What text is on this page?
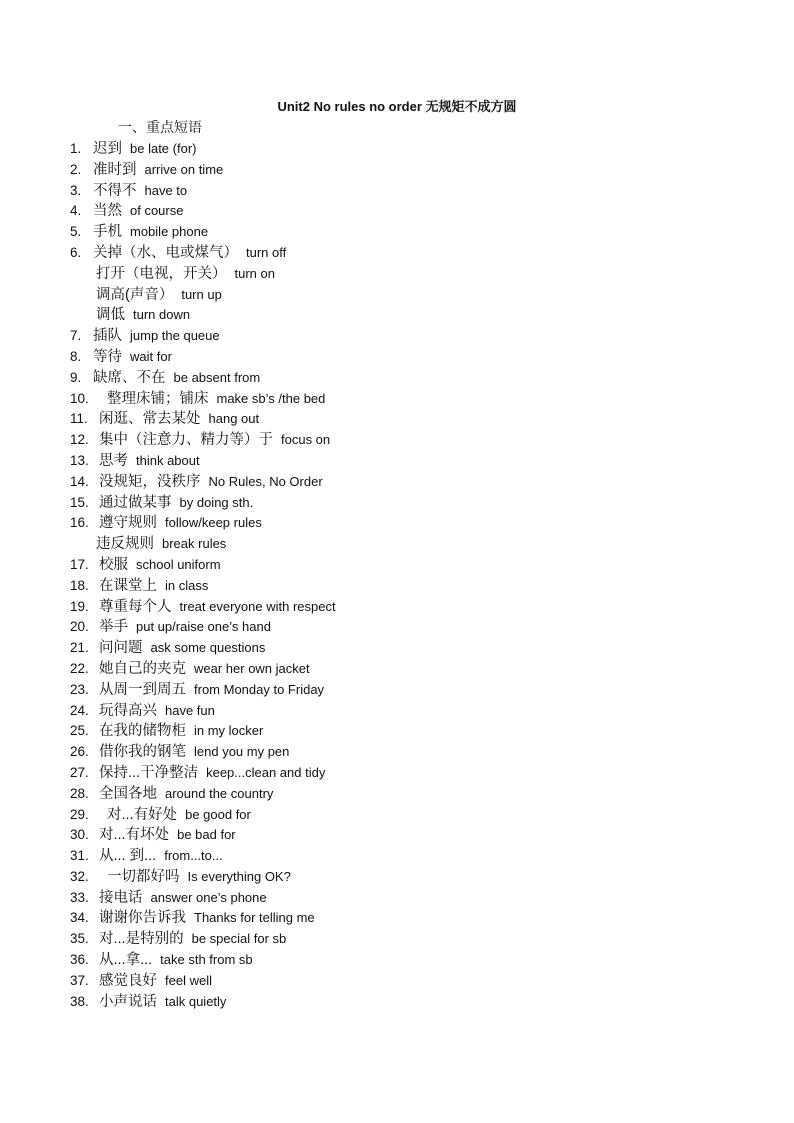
Unit2 No rules no order 无规矩不成方圆
一、重点短语
1. 迟到 be late (for)
2. 准时到 arrive on time
3. 不得不 have to
4. 当然 of course
5. 手机 mobile phone
6. 关掉（水、电或煤气） turn off
打开（电视，开关） turn on
调高(声音） turn up
调低 turn down
7. 插队 jump the queue
8. 等待 wait for
9. 缺席、不在 be absent from
10.	整理床铺；铺床 make sb’s /the bed
11. 闲逛、常去某处 hang out
12. 集中（注意力、精力等）于 focus on
13. 思考 think about
14. 没规矩，没秩序 No Rules, No Order
15. 通过做某事 by doing sth.
16. 遵守规则 follow/keep rules
违反规则 break rules
17. 校服 school uniform
18. 在课堂上 in class
19. 尊重每个人 treat everyone with respect
20. 举手 put up/raise one’s hand
21. 问问题 ask some questions
22. 她自己的夹克 wear her own jacket
23. 从周一到周五 from Monday to Friday
24. 玩得高兴 have fun
25. 在我的储物柜 in my locker
26. 借你我的钢笔 lend you my pen
27. 保持...干净整洁 keep...clean and tidy
28. 全国各地 around the country
29.	对...有好处 be good for
30. 对...有坏处 be bad for
31. 从... 到... from...to...
32.	一切都好吗 Is everything OK?
33. 接电话 answer one’s phone
34. 谢谢你告诉我 Thanks for telling me
35. 对...是特别的 be special for sb
36. 从...拿... take sth from sb
37. 感觉良好 feel well
38. 小声说话 talk quietly
